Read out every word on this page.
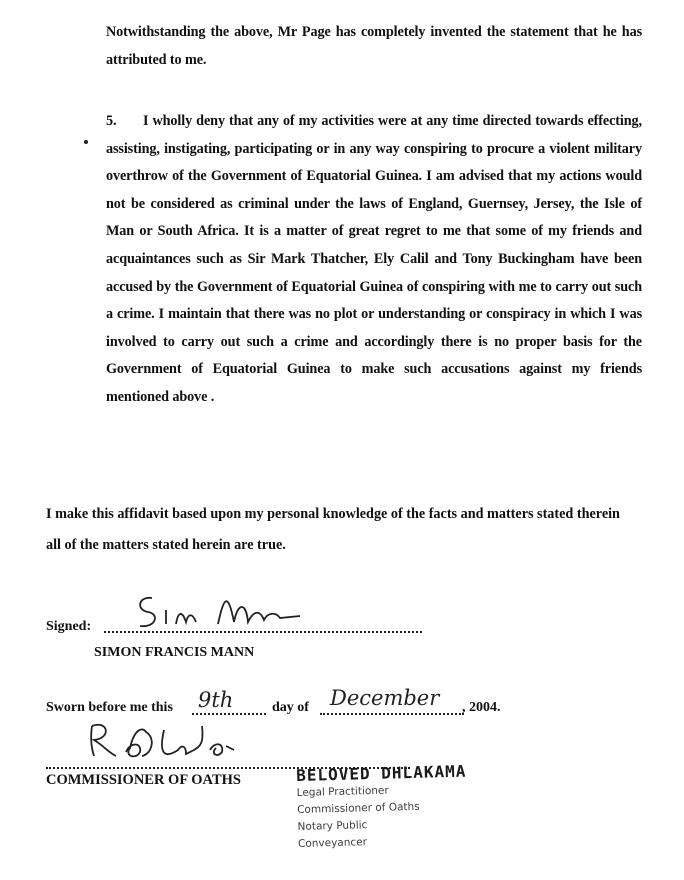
Notwithstanding the above, Mr Page has completely invented the statement that he has attributed to me.
5. I wholly deny that any of my activities were at any time directed towards effecting, assisting, instigating, participating or in any way conspiring to procure a violent military overthrow of the Government of Equatorial Guinea. I am advised that my actions would not be considered as criminal under the laws of England, Guernsey, Jersey, the Isle of Man or South Africa. It is a matter of great regret to me that some of my friends and acquaintances such as Sir Mark Thatcher, Ely Calil and Tony Buckingham have been accused by the Government of Equatorial Guinea of conspiring with me to carry out such a crime. I maintain that there was no plot or understanding or conspiracy in which I was involved to carry out such a crime and accordingly there is no proper basis for the Government of Equatorial Guinea to make such accusations against my friends mentioned above .
I make this affidavit based upon my personal knowledge of the facts and matters stated therein all of the matters stated herein are true.
Signed:
SIMON FRANCIS MANN
Sworn before me this 9th	day of December , 2004.
COMMISSIONER OF OATHS	BELOVED DHLAKAMA
Legal Practitioner
Commissioner of Oaths
Notary Public
Conveyancer
